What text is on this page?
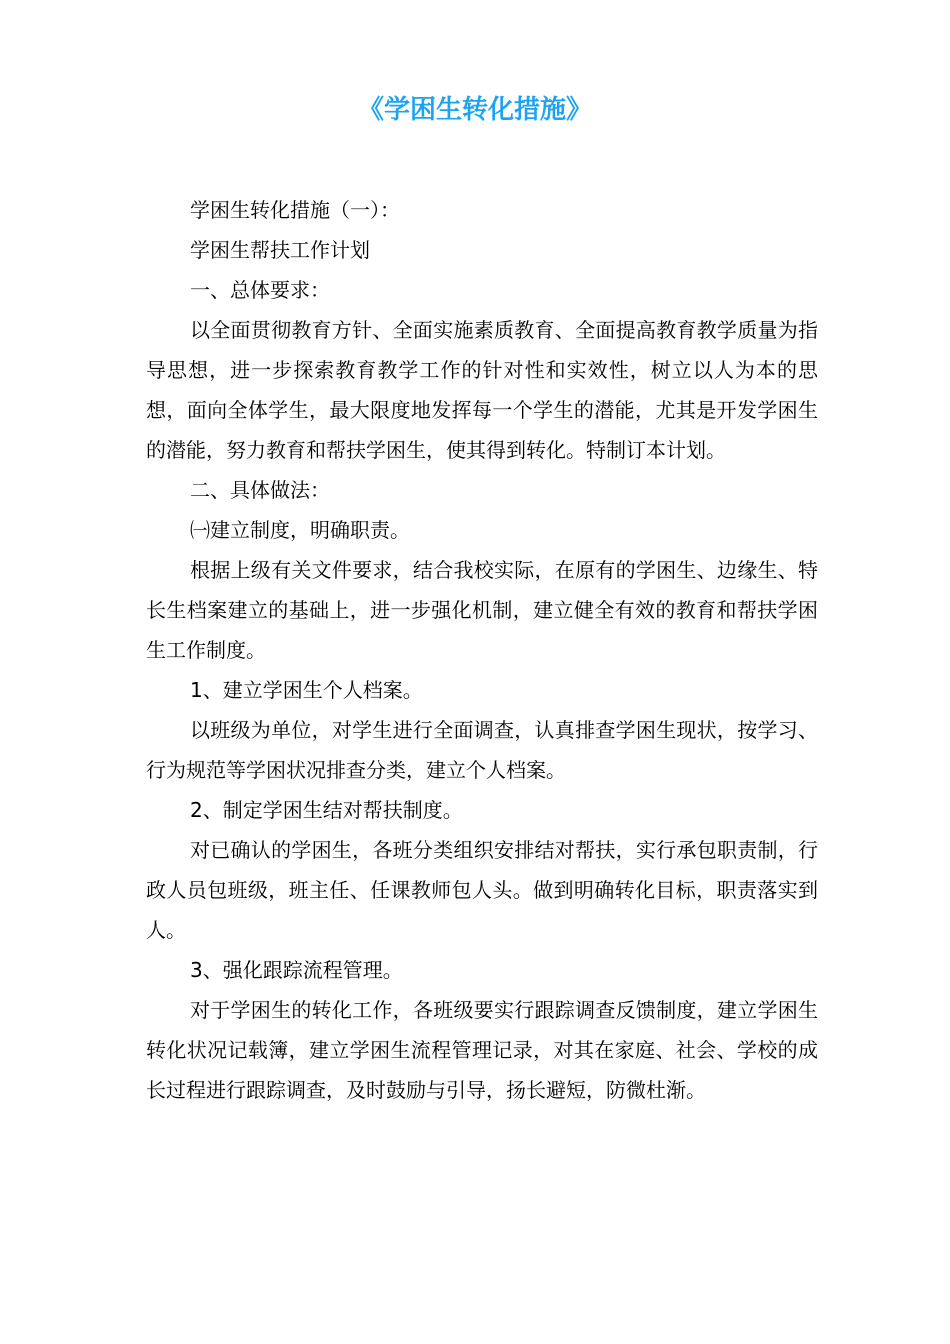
《学困生转化措施》

学困生转化措施（一）：

学困生帮扶工作计划

一、总体要求：

以全面贯彻教育方针、全面实施素质教育、全面提高教育教学质量为指导思想，进一步探索教育教学工作的针对性和实效性，树立以人为本的思想，面向全体学生，最大限度地发挥每一个学生的潜能，尤其是开发学困生的潜能，努力教育和帮扶学困生，使其得到转化。特制订本计划。

二、具体做法：

㈠建立制度，明确职责。

根据上级有关文件要求，结合我校实际，在原有的学困生、边缘生、特长生档案建立的基础上，进一步强化机制，建立健全有效的教育和帮扶学困生工作制度。

1、建立学困生个人档案。

以班级为单位，对学生进行全面调查，认真排查学困生现状，按学习、行为规范等学困状况排查分类，建立个人档案。

2、制定学困生结对帮扶制度。

对已确认的学困生，各班分类组织安排结对帮扶，实行承包职责制，行政人员包班级，班主任、任课教师包人头。做到明确转化目标，职责落实到人。

3、强化跟踪流程管理。

对于学困生的转化工作，各班级要实行跟踪调查反馈制度，建立学困生转化状况记载簿，建立学困生流程管理记录，对其在家庭、社会、学校的成长过程进行跟踪调查，及时鼓励与引导，扬长避短，防微杜渐。
